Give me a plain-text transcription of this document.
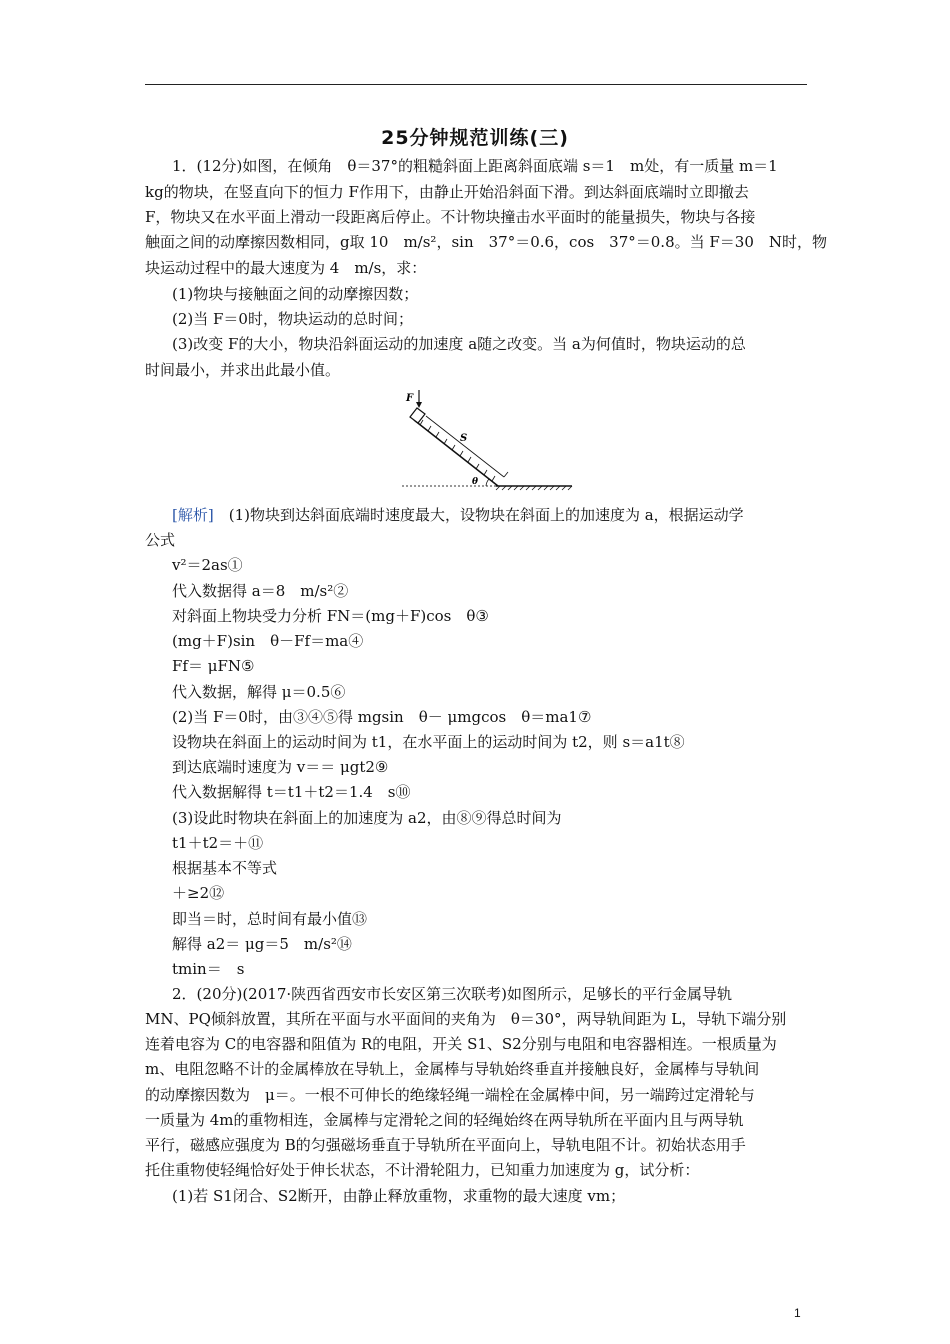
25分钟规范训练(三)
1．(12分)如图，在倾角　θ＝37°的粗糙斜面上距离斜面底端 s＝1　m处，有一质量 m＝1
kg的物块，在竖直向下的恒力 F作用下，由静止开始沿斜面下滑。到达斜面底端时立即撤去
F，物块又在水平面上滑动一段距离后停止。不计物块撞击水平面时的能量损失，物块与各接
触面之间的动摩擦因数相同，g取 10　m/s²，sin　37°＝0.6，cos　37°＝0.8。当 F＝30　N时，物
块运动过程中的最大速度为 4　m/s，求：
(1)物块与接触面之间的动摩擦因数；
(2)当 F＝0时，物块运动的总时间；
(3)改变 F的大小，物块沿斜面运动的加速度 a随之改变。当 a为何值时，物块运动的总
时间最小，并求出此最小值。
F
S
θ
[解析]　(1)物块到达斜面底端时速度最大，设物块在斜面上的加速度为 a，根据运动学
公式
v²＝2as①
代入数据得 a＝8　m/s²②
对斜面上物块受力分析 FN＝(mg＋F)cos　θ③
(mg＋F)sin　θ－Ff＝ma④
Ff＝ μFN⑤
代入数据，解得 μ＝0.5⑥
(2)当 F＝0时，由③④⑤得 mgsin　θ－ μmgcos　θ＝ma1⑦
设物块在斜面上的运动时间为 t1，在水平面上的运动时间为 t2，则 s＝a1t⑧
到达底端时速度为 v＝＝ μgt2⑨
代入数据解得 t＝t1＋t2＝1.4　s⑩
(3)设此时物块在斜面上的加速度为 a2，由⑧⑨得总时间为
t1＋t2＝＋⑪
根据基本不等式
＋≥2⑫
即当＝时，总时间有最小值⑬
解得 a2＝ μg＝5　m/s²⑭
tmin＝　s
2．(20分)(2017·陕西省西安市长安区第三次联考)如图所示，足够长的平行金属导轨
MN、PQ倾斜放置，其所在平面与水平面间的夹角为　θ＝30°，两导轨间距为 L，导轨下端分别
连着电容为 C的电容器和阻值为 R的电阻，开关 S1、S2分别与电阻和电容器相连。一根质量为
m、电阻忽略不计的金属棒放在导轨上，金属棒与导轨始终垂直并接触良好，金属棒与导轨间
的动摩擦因数为　μ＝。一根不可伸长的绝缘轻绳一端栓在金属棒中间，另一端跨过定滑轮与
一质量为 4m的重物相连，金属棒与定滑轮之间的轻绳始终在两导轨所在平面内且与两导轨
平行，磁感应强度为 B的匀强磁场垂直于导轨所在平面向上，导轨电阻不计。初始状态用手
托住重物使轻绳恰好处于伸长状态，不计滑轮阻力，已知重力加速度为 g，试分析：
(1)若 S1闭合、S2断开，由静止释放重物，求重物的最大速度 vm；
1
